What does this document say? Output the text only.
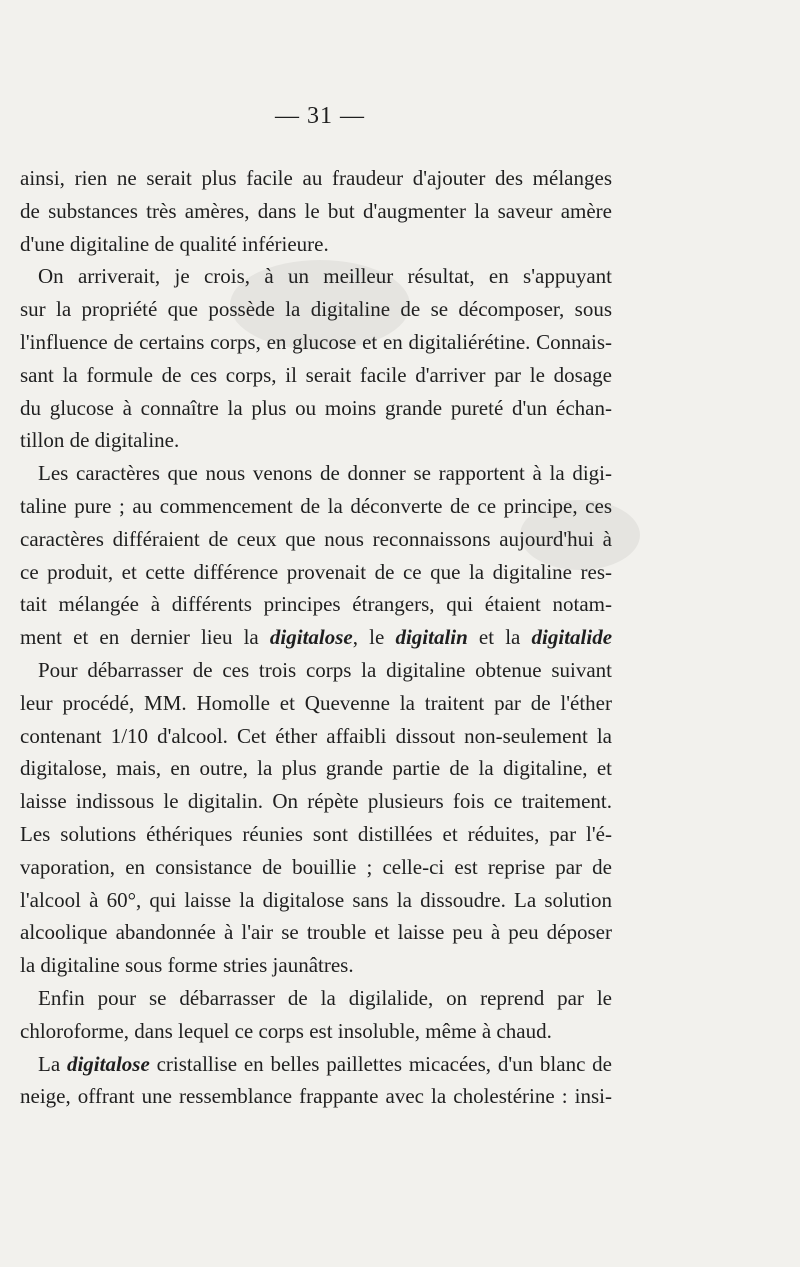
— 31 —
ainsi, rien ne serait plus facile au fraudeur d'ajouter des mélanges
de substances très amères, dans le but d'augmenter la saveur amère
d'une digitaline de qualité inférieure.
On arriverait, je crois, à un meilleur résultat, en s'appuyant
sur la propriété que possède la digitaline de se décomposer, sous
l'influence de certains corps, en glucose et en digitaliérétine. Connais-
sant la formule de ces corps, il serait facile d'arriver par le dosage
du glucose à connaître la plus ou moins grande pureté d'un échan-
tillon de digitaline.
Les caractères que nous venons de donner se rapportent à la digi-
taline pure ; au commencement de la déconverte de ce principe, ces
caractères différaient de ceux que nous reconnaissons aujourd'hui à
ce produit, et cette différence provenait de ce que la digitaline res-
tait mélangée à différents principes étrangers, qui étaient notam-
ment et en dernier lieu la digitalose, le digitalin et la digitalide
Pour débarrasser de ces trois corps la digitaline obtenue suivant
leur procédé, MM. Homolle et Quevenne la traitent par de l'éther
contenant 1/10 d'alcool. Cet éther affaibli dissout non-seulement la
digitalose, mais, en outre, la plus grande partie de la digitaline, et
laisse indissous le digitalin. On répète plusieurs fois ce traitement.
Les solutions éthériques réunies sont distillées et réduites, par l'é-
vaporation, en consistance de bouillie ; celle-ci est reprise par de
l'alcool à 60°, qui laisse la digitalose sans la dissoudre. La solution
alcoolique abandonnée à l'air se trouble et laisse peu à peu déposer
la digitaline sous forme stries jaunâtres.
Enfin pour se débarrasser de la digilalide, on reprend par le
chloroforme, dans lequel ce corps est insoluble, même à chaud.
La digitalose cristallise en belles paillettes micacées, d'un blanc de
neige, offrant une ressemblance frappante avec la cholestérine : insi-
